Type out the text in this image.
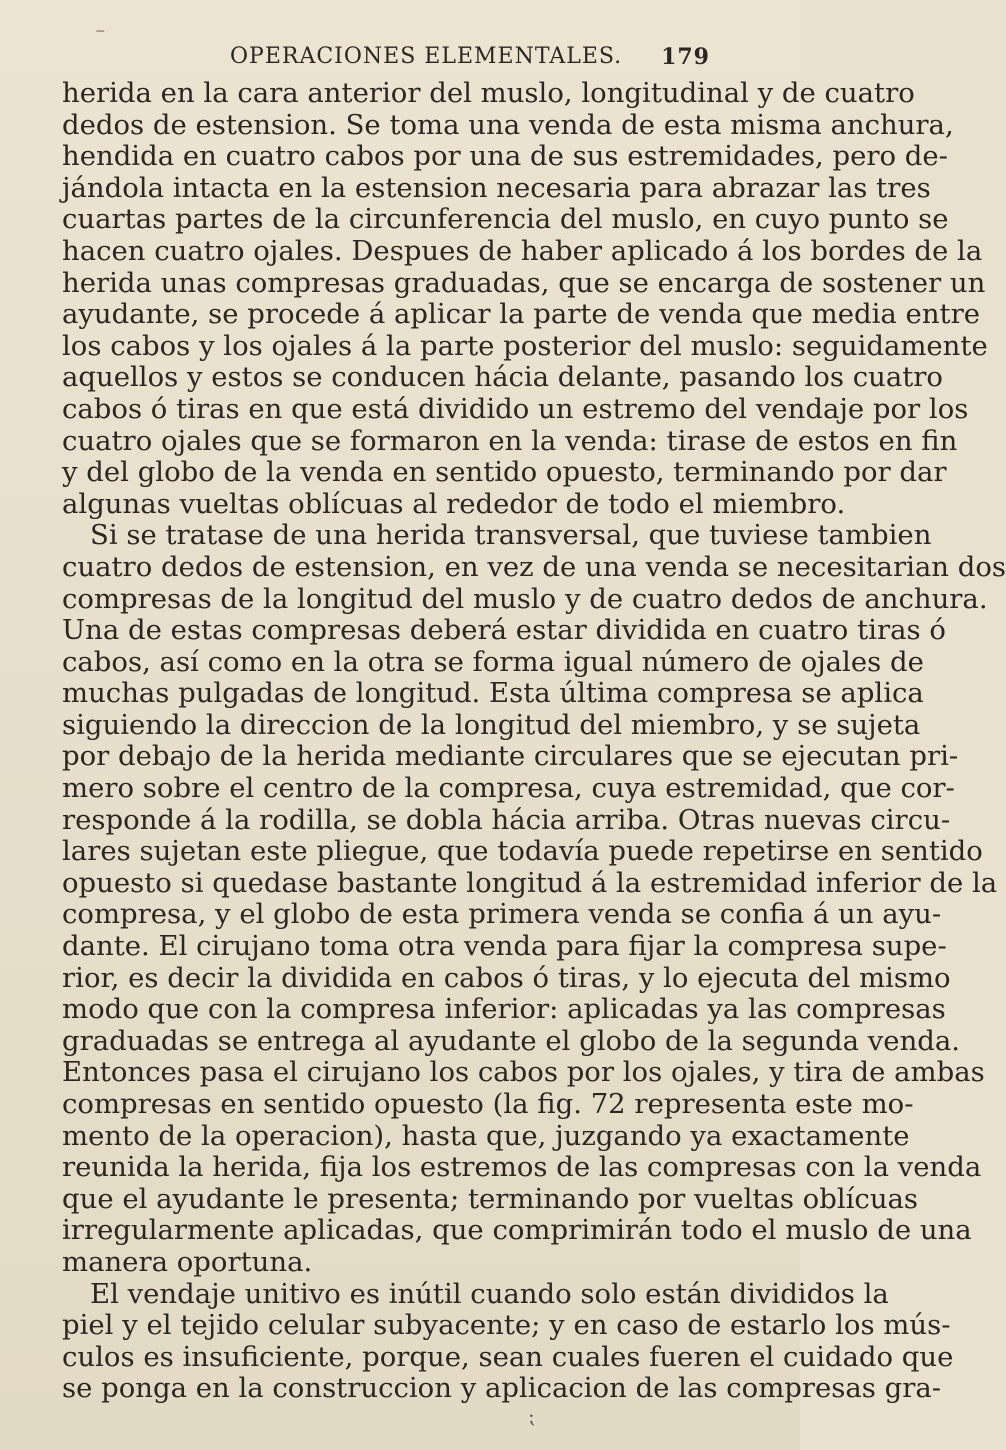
⁻
OPERACIONES ELEMENTALES. 179
herida en la cara anterior del muslo, longitudinal y de cuatro
dedos de estension. Se toma una venda de esta misma anchura,
hendida en cuatro cabos por una de sus estremidades, pero de-
jándola intacta en la estension necesaria para abrazar las tres
cuartas partes de la circunferencia del muslo, en cuyo punto se
hacen cuatro ojales. Despues de haber aplicado á los bordes de la
herida unas compresas graduadas, que se encarga de sostener un
ayudante, se procede á aplicar la parte de venda que media entre
los cabos y los ojales á la parte posterior del muslo: seguidamente
aquellos y estos se conducen hácia delante, pasando los cuatro
cabos ó tiras en que está dividido un estremo del vendaje por los
cuatro ojales que se formaron en la venda: tirase de estos en fin
y del globo de la venda en sentido opuesto, terminando por dar
algunas vueltas oblícuas al rededor de todo el miembro.
Si se tratase de una herida transversal, que tuviese tambien
cuatro dedos de estension, en vez de una venda se necesitarian dos
compresas de la longitud del muslo y de cuatro dedos de anchura.
Una de estas compresas deberá estar dividida en cuatro tiras ó
cabos, así como en la otra se forma igual número de ojales de
muchas pulgadas de longitud. Esta última compresa se aplica
siguiendo la direccion de la longitud del miembro, y se sujeta
por debajo de la herida mediante circulares que se ejecutan pri-
mero sobre el centro de la compresa, cuya estremidad, que cor-
responde á la rodilla, se dobla hácia arriba. Otras nuevas circu-
lares sujetan este pliegue, que todavía puede repetirse en sentido
opuesto si quedase bastante longitud á la estremidad inferior de la
compresa, y el globo de esta primera venda se confia á un ayu-
dante. El cirujano toma otra venda para fijar la compresa supe-
rior, es decir la dividida en cabos ó tiras, y lo ejecuta del mismo
modo que con la compresa inferior: aplicadas ya las compresas
graduadas se entrega al ayudante el globo de la segunda venda.
Entonces pasa el cirujano los cabos por los ojales, y tira de ambas
compresas en sentido opuesto (la fig. 72 representa este mo-
mento de la operacion), hasta que, juzgando ya exactamente
reunida la herida, fija los estremos de las compresas con la venda
que el ayudante le presenta; terminando por vueltas oblícuas
irregularmente aplicadas, que comprimirán todo el muslo de una
manera oportuna.
El vendaje unitivo es inútil cuando solo están divididos la
piel y el tejido celular subyacente; y en caso de estarlo los mús-
culos es insuficiente, porque, sean cuales fueren el cuidado que
se ponga en la construccion y aplicacion de las compresas gra-
⁏
